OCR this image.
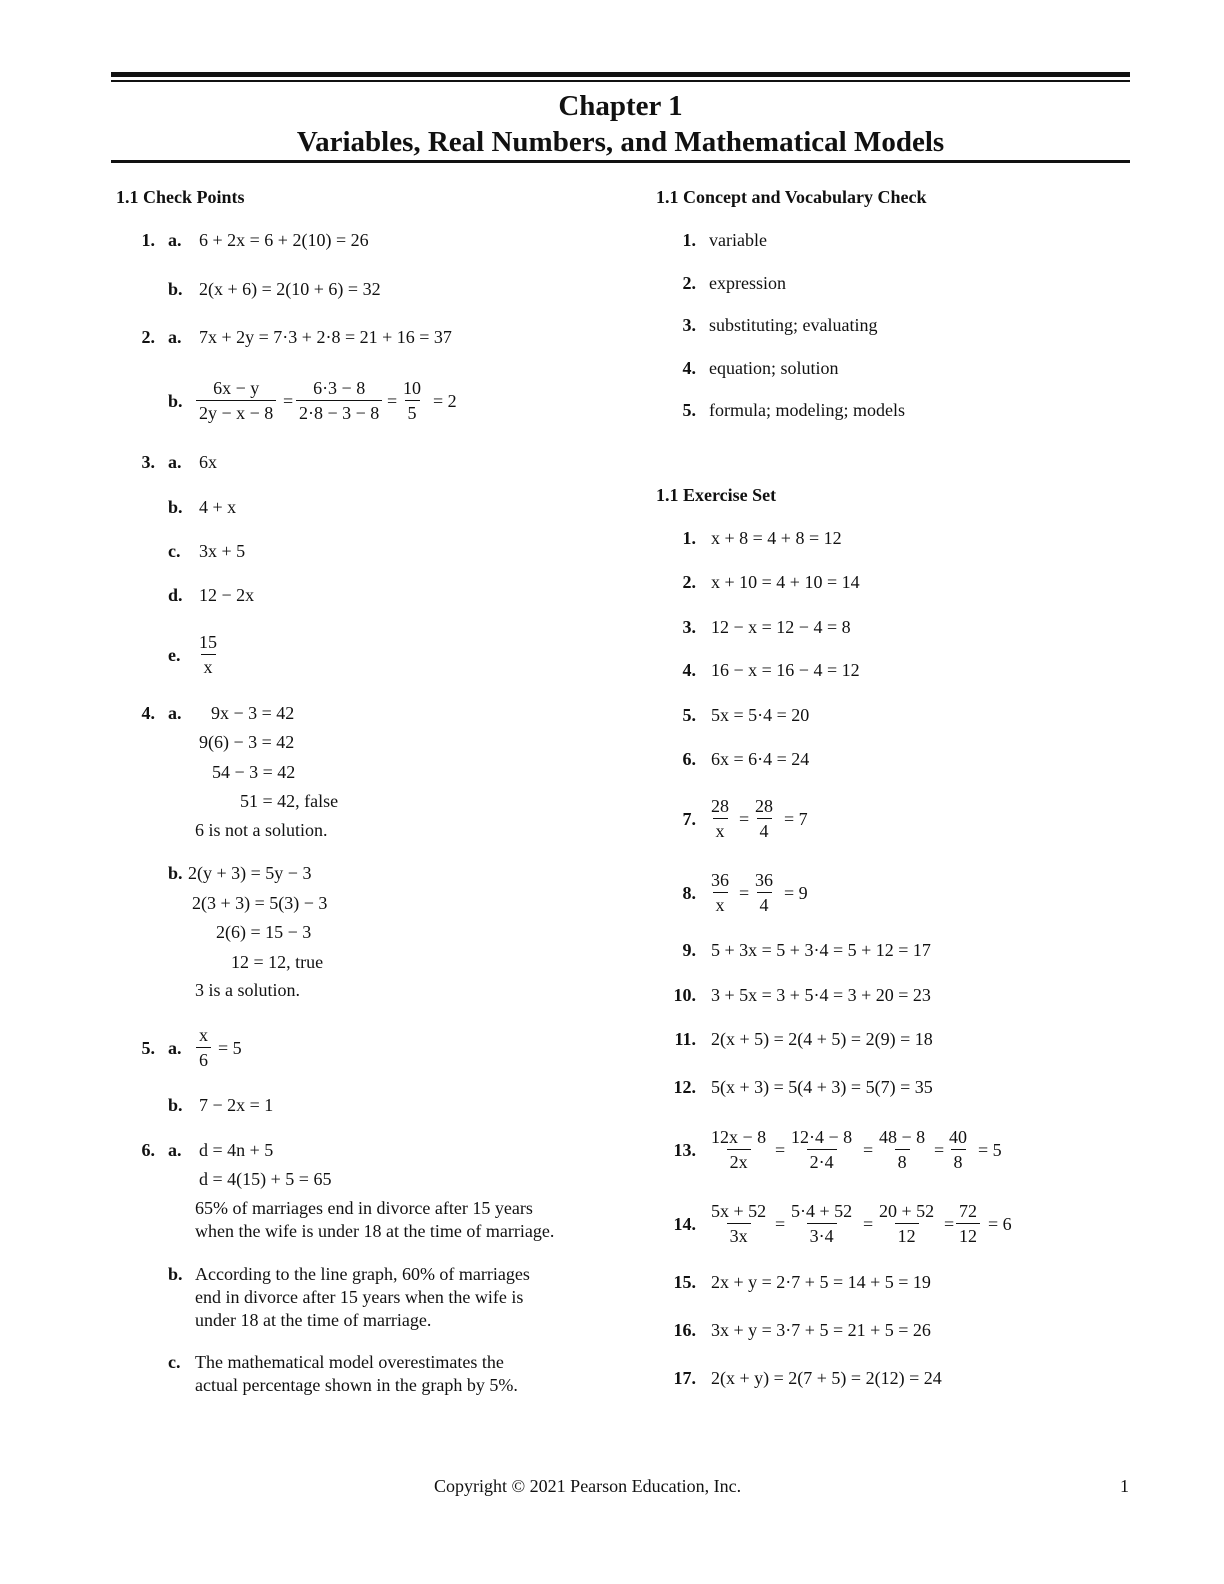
Chapter 1
Variables, Real Numbers, and Mathematical Models
1.1 Check Points
1. a. 6 + 2x = 6 + 2(10) = 26
b. 2(x + 6) = 2(10 + 6) = 32
2. a. 7x + 2y = 7·3 + 2·8 = 21 + 16 = 37
b. $\frac{6x - y}{2y - x - 8} = \frac{6\cdot 3 - 8}{2\cdot 8 - 3 - 8} = \frac{10}{5} = 2$
3. a. 6x
b. 4 + x
c. 3x + 5
d. 12 − 2x
e. $\frac{15}{x}$
4. a. 9x − 3 = 42
9(6) − 3 = 42
54 − 3 = 42
51 = 42, false
6 is not a solution.
b. 2(y + 3) = 5y − 3
2(3 + 3) = 5(3) − 3
2(6) = 15 − 3
12 = 12, true
3 is a solution.
5. a. $\frac{x}{6} = 5$
b. 7 − 2x = 1
6. a. d = 4n + 5
d = 4(15) + 5 = 65
65% of marriages end in divorce after 15 years
when the wife is under 18 at the time of marriage.
b. According to the line graph, 60% of marriages
end in divorce after 15 years when the wife is
under 18 at the time of marriage.
c. The mathematical model overestimates the
actual percentage shown in the graph by 5%.
1.1 Concept and Vocabulary Check
1. variable
2. expression
3. substituting; evaluating
4. equation; solution
5. formula; modeling; models
1.1 Exercise Set
1. x + 8 = 4 + 8 = 12
2. x + 10 = 4 + 10 = 14
3. 12 − x = 12 − 4 = 8
4. 16 − x = 16 − 4 = 12
5. 5x = 5·4 = 20
6. 6x = 6·4 = 24
7. $\frac{28}{x} = \frac{28}{4} = 7$
8. $\frac{36}{x} = \frac{36}{4} = 9$
9. 5 + 3x = 5 + 3·4 = 5 + 12 = 17
10. 3 + 5x = 3 + 5·4 = 3 + 20 = 23
11. 2(x + 5) = 2(4 + 5) = 2(9) = 18
12. 5(x + 3) = 5(4 + 3) = 5(7) = 35
13. $\frac{12x - 8}{2x} = \frac{12\cdot 4 - 8}{2\cdot 4} = \frac{48 - 8}{8} = \frac{40}{8} = 5$
14. $\frac{5x + 52}{3x} = \frac{5\cdot 4 + 52}{3\cdot 4} = \frac{20 + 52}{12} = \frac{72}{12} = 6$
15. 2x + y = 2·7 + 5 = 14 + 5 = 19
16. 3x + y = 3·7 + 5 = 21 + 5 = 26
17. 2(x + y) = 2(7 + 5) = 2(12) = 24
Copyright © 2021 Pearson Education, Inc.	1
